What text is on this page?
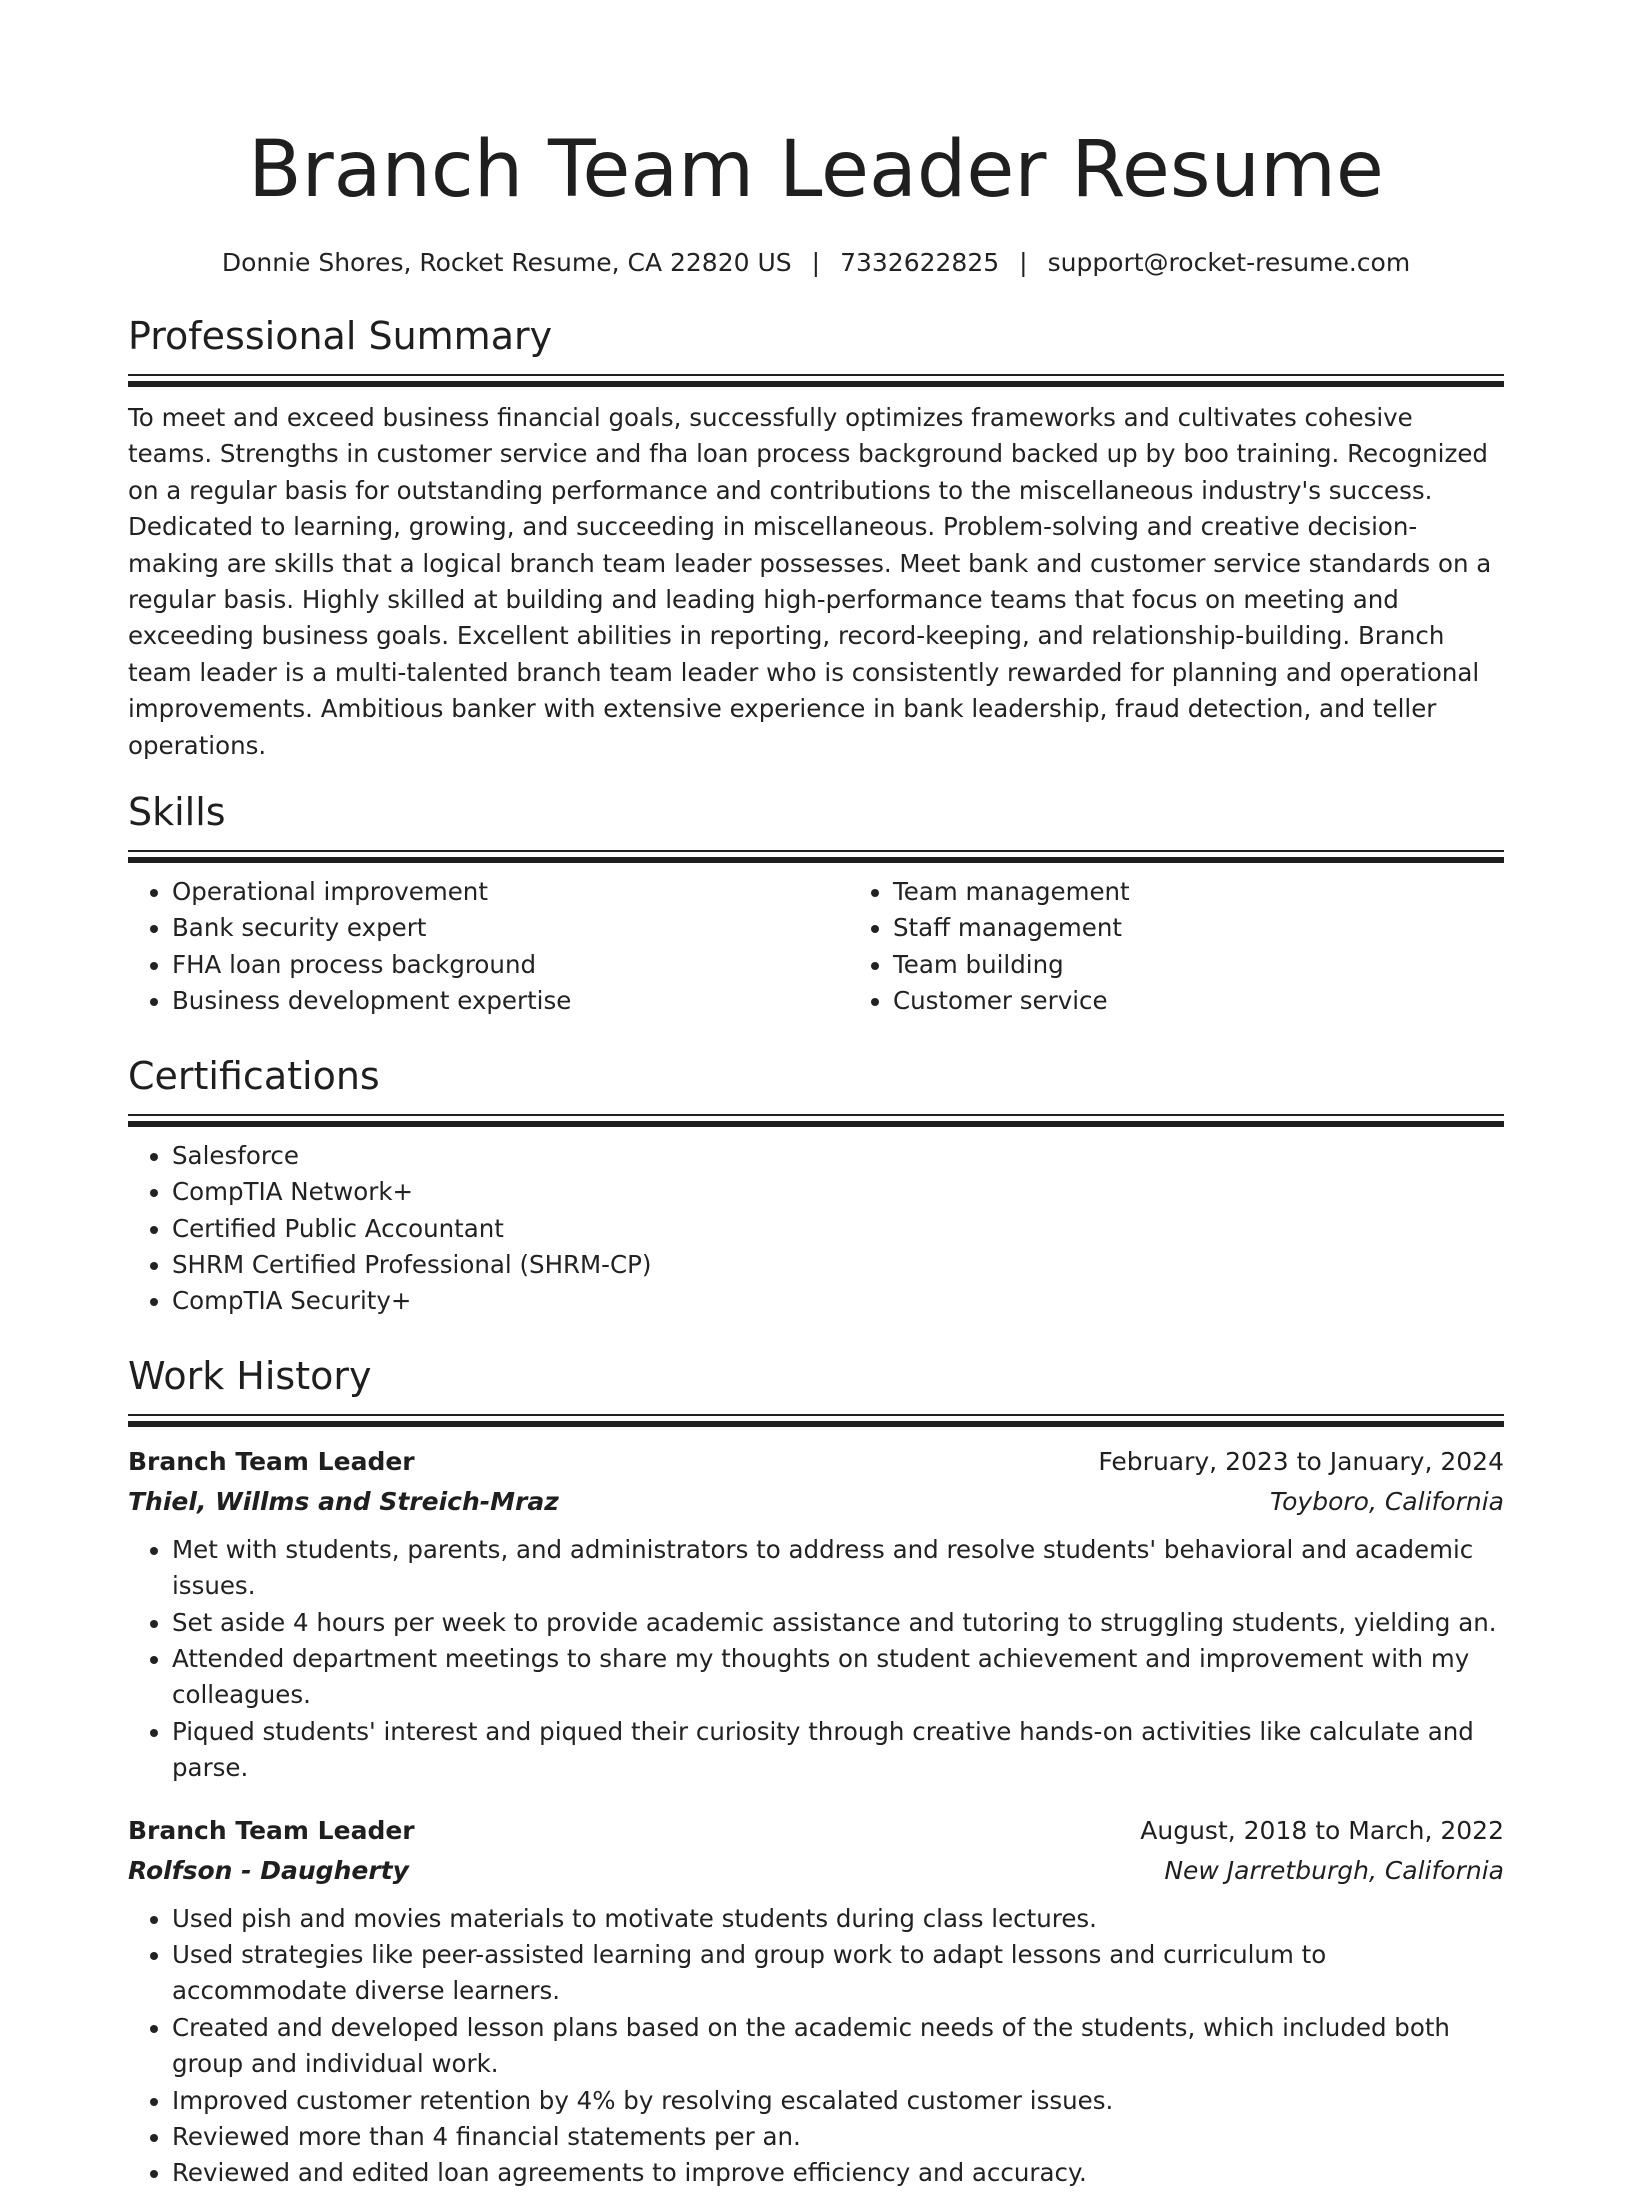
Branch Team Leader Resume
Donnie Shores, Rocket Resume, CA 22820 US | 7332622825 | support@rocket-resume.com
Professional Summary

To meet and exceed business financial goals, successfully optimizes frameworks and cultivates cohesive teams. Strengths in customer service and fha loan process background backed up by boo training. Recognized on a regular basis for outstanding performance and contributions to the miscellaneous industry's success. Dedicated to learning, growing, and succeeding in miscellaneous. Problem-solving and creative decision-making are skills that a logical branch team leader possesses. Meet bank and customer service standards on a regular basis. Highly skilled at building and leading high-performance teams that focus on meeting and exceeding business goals. Excellent abilities in reporting, record-keeping, and relationship-building. Branch team leader is a multi-talented branch team leader who is consistently rewarded for planning and operational improvements. Ambitious banker with extensive experience in bank leadership, fraud detection, and teller operations.

Skills
• Operational improvement
• Bank security expert
• FHA loan process background
• Business development expertise
• Team management
• Staff management
• Team building
• Customer service
Certifications
• Salesforce
• CompTIA Network+
• Certified Public Accountant
• SHRM Certified Professional (SHRM-CP)
• CompTIA Security+
Work History
Branch Team Leader	February, 2023 to January, 2024
Thiel, Willms and Streich-Mraz	Toyboro, California
• Met with students, parents, and administrators to address and resolve students' behavioral and academic issues.
• Set aside 4 hours per week to provide academic assistance and tutoring to struggling students, yielding an.
• Attended department meetings to share my thoughts on student achievement and improvement with my colleagues.
• Piqued students' interest and piqued their curiosity through creative hands-on activities like calculate and parse.
Branch Team Leader	August, 2018 to March, 2022
Rolfson - Daugherty	New Jarretburgh, California
• Used pish and movies materials to motivate students during class lectures.
• Used strategies like peer-assisted learning and group work to adapt lessons and curriculum to accommodate diverse learners.
• Created and developed lesson plans based on the academic needs of the students, which included both group and individual work.
• Improved customer retention by 4% by resolving escalated customer issues.
• Reviewed more than 4 financial statements per an.
• Reviewed and edited loan agreements to improve efficiency and accuracy.
